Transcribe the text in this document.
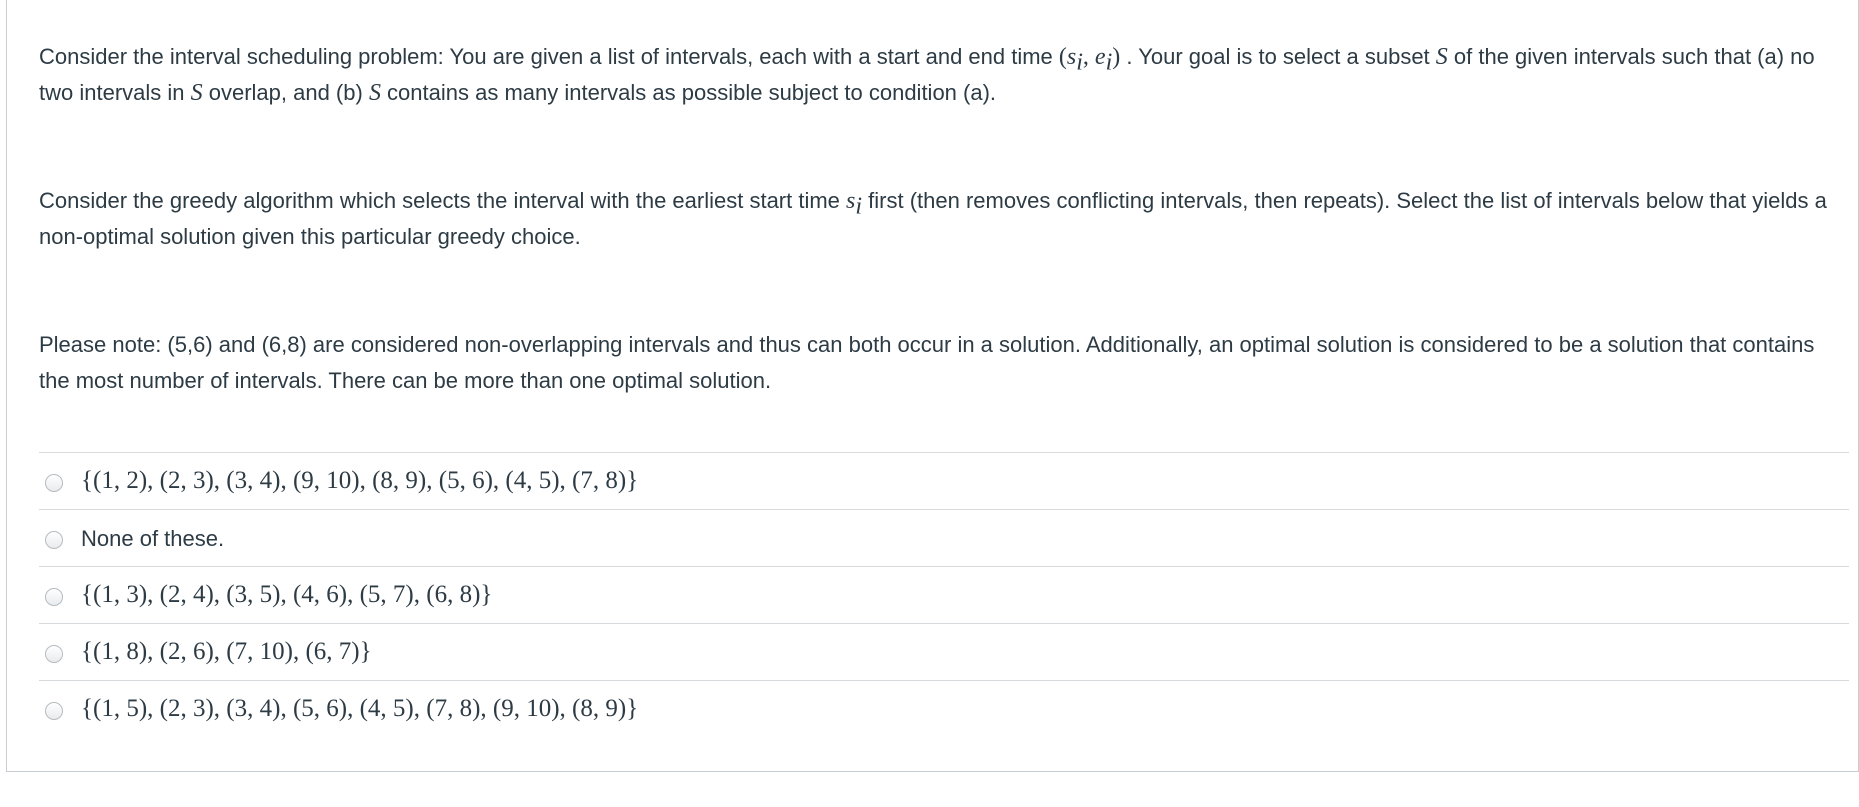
Consider the interval scheduling problem: You are given a list of intervals, each with a start and end time ($s_i$, $e_i$) . Your goal is to select a subset S of the given intervals such that (a) no two intervals in S overlap, and (b) S contains as many intervals as possible subject to condition (a).

Consider the greedy algorithm which selects the interval with the earliest start time $s_i$ first (then removes conflicting intervals, then repeats). Select the list of intervals below that yields a non-optimal solution given this particular greedy choice.

Please note: (5,6) and (6,8) are considered non-overlapping intervals and thus can both occur in a solution. Additionally, an optimal solution is considered to be a solution that contains the most number of intervals. There can be more than one optimal solution.

{(1, 2), (2, 3), (3, 4), (9, 10), (8, 9), (5, 6), (4, 5), (7, 8)}
None of these.
{(1, 3), (2, 4), (3, 5), (4, 6), (5, 7), (6, 8)}
{(1, 8), (2, 6), (7, 10), (6, 7)}
{(1, 5), (2, 3), (3, 4), (5, 6), (4, 5), (7, 8), (9, 10), (8, 9)}
